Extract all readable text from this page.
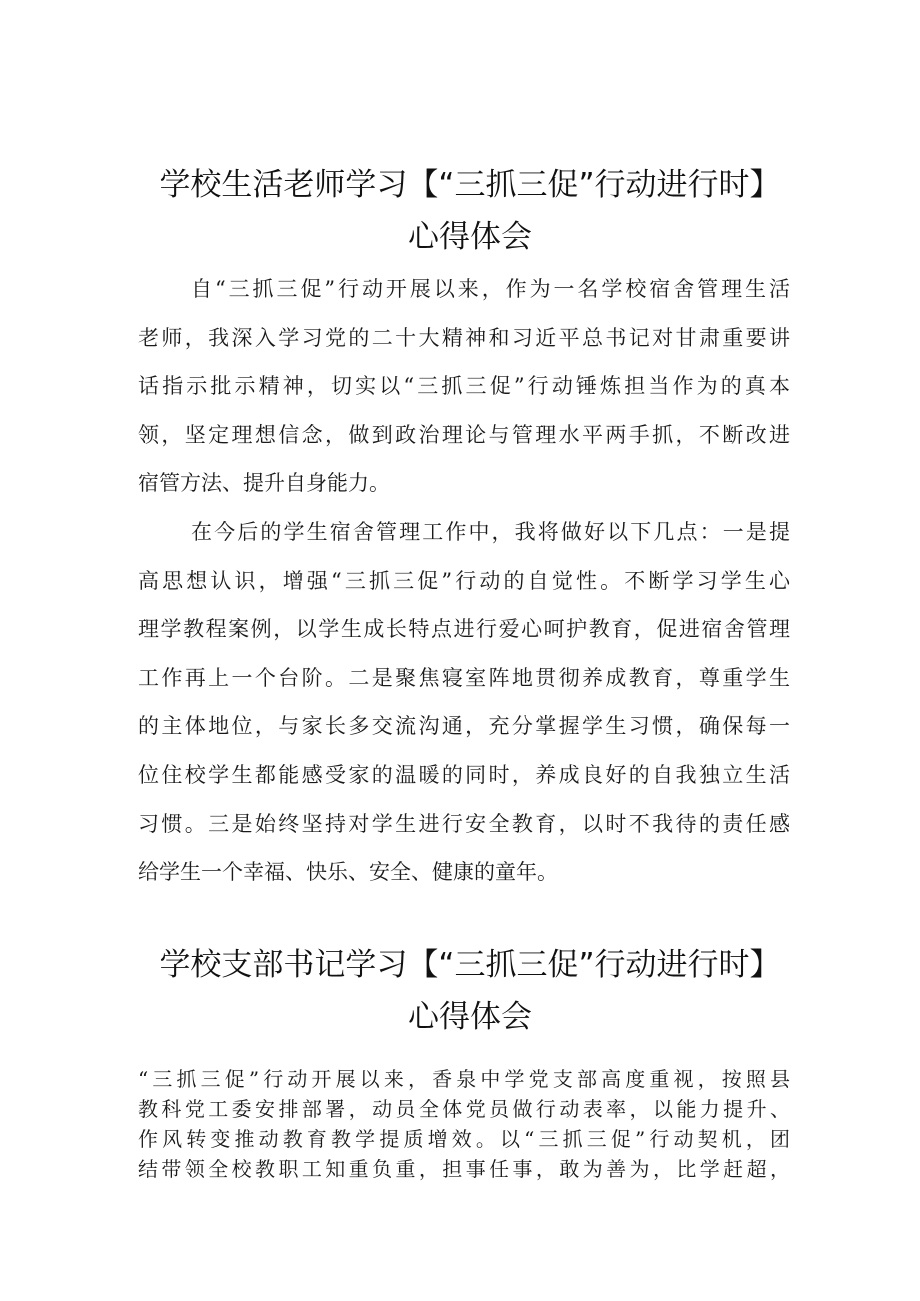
学校生活老师学习【“三抓三促”行动进行时】
心得体会
自“三抓三促”行动开展以来，作为一名学校宿舍管理生活
老师，我深入学习党的二十大精神和习近平总书记对甘肃重要讲
话指示批示精神，切实以“三抓三促”行动锤炼担当作为的真本
领，坚定理想信念，做到政治理论与管理水平两手抓，不断改进
宿管方法、提升自身能力。
在今后的学生宿舍管理工作中，我将做好以下几点：一是提
高思想认识，增强“三抓三促”行动的自觉性。不断学习学生心
理学教程案例，以学生成长特点进行爱心呵护教育，促进宿舍管理
工作再上一个台阶。二是聚焦寝室阵地贯彻养成教育，尊重学生
的主体地位，与家长多交流沟通，充分掌握学生习惯，确保每一
位住校学生都能感受家的温暖的同时，养成良好的自我独立生活
习惯。三是始终坚持对学生进行安全教育，以时不我待的责任感
给学生一个幸福、快乐、安全、健康的童年。
学校支部书记学习【“三抓三促”行动进行时】
心得体会
“三抓三促”行动开展以来，香泉中学党支部高度重视，按照县
教科党工委安排部署，动员全体党员做行动表率，以能力提升、
作风转变推动教育教学提质增效。以“三抓三促”行动契机，团
结带领全校教职工知重负重，担事任事，敢为善为，比学赶超，
